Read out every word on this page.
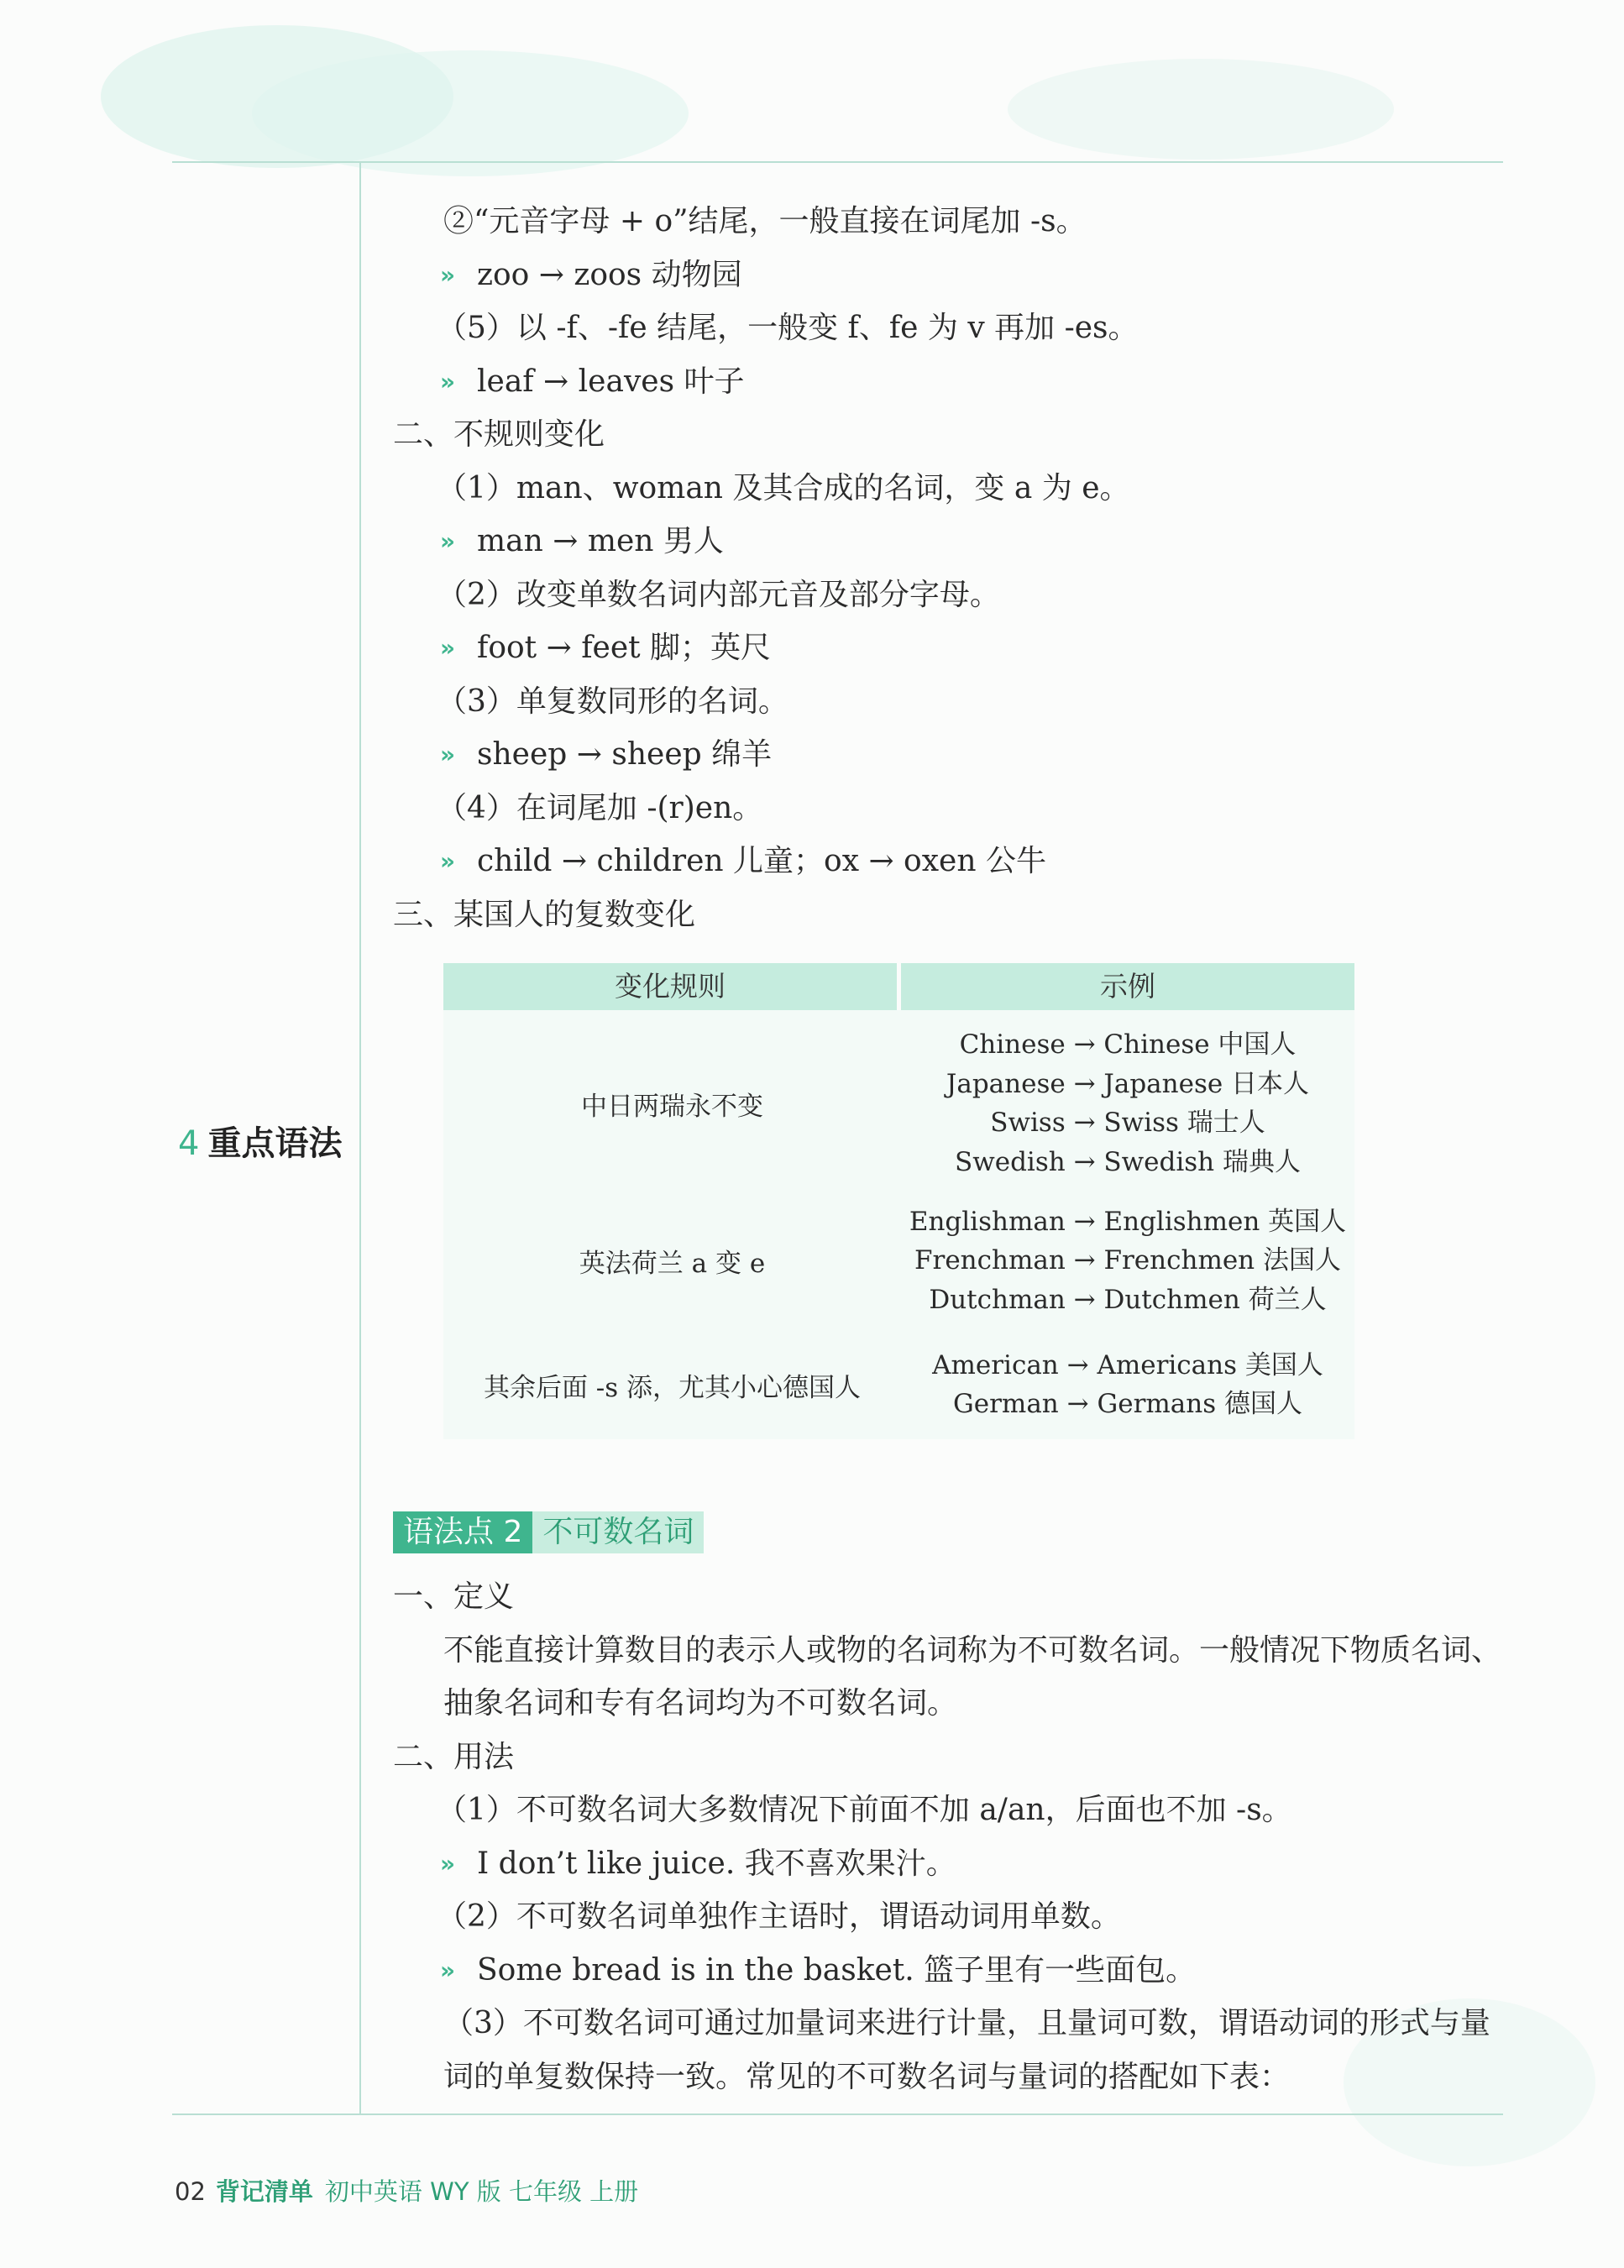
4 重点语法
②“元音字母 + o”结尾，一般直接在词尾加 -s。
» zoo → zoos 动物园
（5）以 -f、-fe 结尾，一般变 f、fe 为 v 再加 -es。
» leaf → leaves 叶子
二、不规则变化
（1）man、woman 及其合成的名词，变 a 为 e。
» man → men 男人
（2）改变单数名词内部元音及部分字母。
» foot → feet 脚；英尺
（3）单复数同形的名词。
» sheep → sheep 绵羊
（4）在词尾加 -(r)en。
» child → children 儿童；ox → oxen 公牛
三、某国人的复数变化
变化规则	示例
中日两瑞永不变
Chinese → Chinese 中国人
Japanese → Japanese 日本人
Swiss → Swiss 瑞士人
Swedish → Swedish 瑞典人
英法荷兰 a 变 e
Englishman → Englishmen 英国人
Frenchman → Frenchmen 法国人
Dutchman → Dutchmen 荷兰人
其余后面 -s 添，尤其小心德国人
American → Americans 美国人
German → Germans 德国人
语法点 2 不可数名词
一、定义
不能直接计算数目的表示人或物的名词称为不可数名词。一般情况下物质名词、抽象名词和专有名词均为不可数名词。
二、用法
（1）不可数名词大多数情况下前面不加 a/an，后面也不加 -s。
» I don’t like juice. 我不喜欢果汁。
（2）不可数名词单独作主语时，谓语动词用单数。
» Some bread is in the basket. 篮子里有一些面包。
（3）不可数名词可通过加量词来进行计量，且量词可数，谓语动词的形式与量词的单复数保持一致。常见的不可数名词与量词的搭配如下表：
02 背记清单 初中英语 WY 版 七年级 上册
